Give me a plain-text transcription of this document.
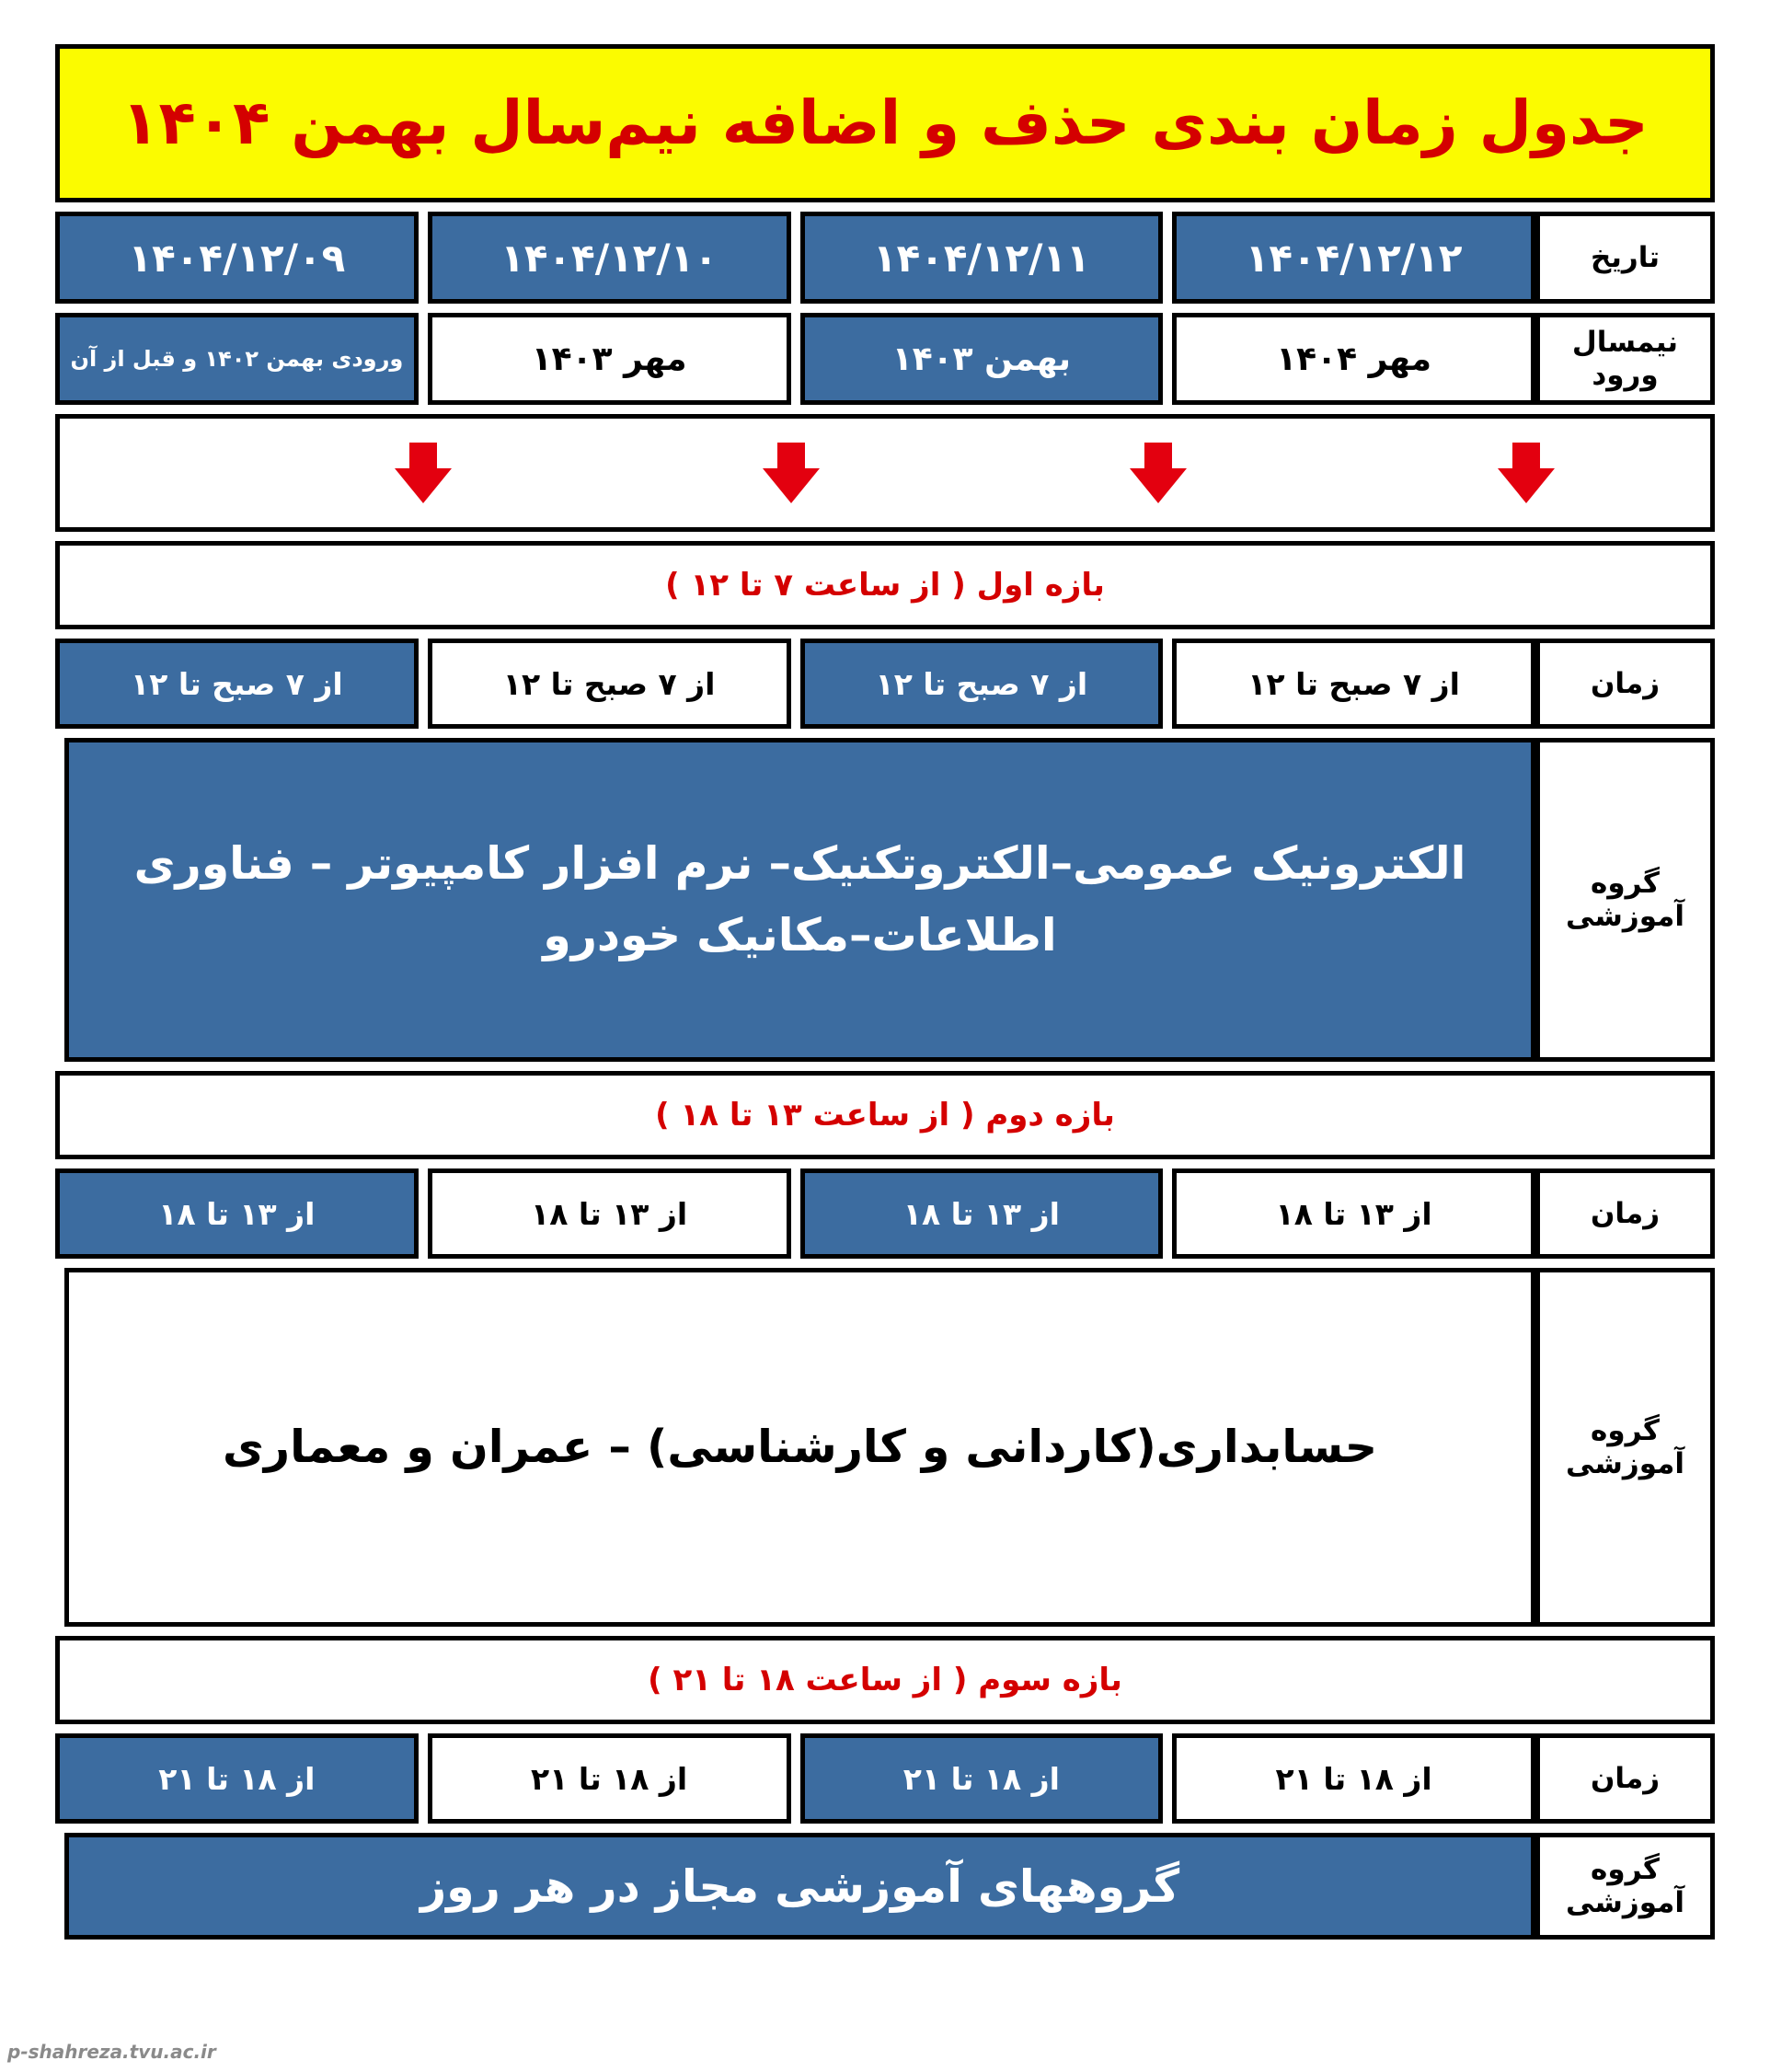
جدول زمان بندی حذف و اضافه نیم‌سال بهمن ۱۴۰۴
تاریخ
۱۴۰۴/۱۲/۱۲
۱۴۰۴/۱۲/۱۱
۱۴۰۴/۱۲/۱۰
۱۴۰۴/۱۲/۰۹
نیمسال ورود
مهر ۱۴۰۴
بهمن ۱۴۰۳
مهر ۱۴۰۳
ورودی بهمن ۱۴۰۲ و قبل از آن
بازه اول ( از ساعت ۷ تا ۱۲ )
زمان
از ۷ صبح تا ۱۲
از ۷ صبح تا ۱۲
از ۷ صبح تا ۱۲
از ۷ صبح تا ۱۲
گروه آموزشی
الکترونیک عمومی–الکتروتکنیک– نرم افزار کامپیوتر – فناوری اطلاعات–مکانیک خودرو
بازه دوم ( از ساعت ۱۳ تا ۱۸ )
زمان
از ۱۳ تا ۱۸
از ۱۳ تا ۱۸
از ۱۳ تا ۱۸
از ۱۳ تا ۱۸
گروه آموزشی
حسابداری(کاردانی و کارشناسی) – عمران و معماری
بازه سوم ( از ساعت ۱۸ تا ۲۱ )
زمان
از ۱۸ تا ۲۱
از ۱۸ تا ۲۱
از ۱۸ تا ۲۱
از ۱۸ تا ۲۱
گروه آموزشی
گروههای آموزشی مجاز در هر روز
p-shahreza.tvu.ac.ir
